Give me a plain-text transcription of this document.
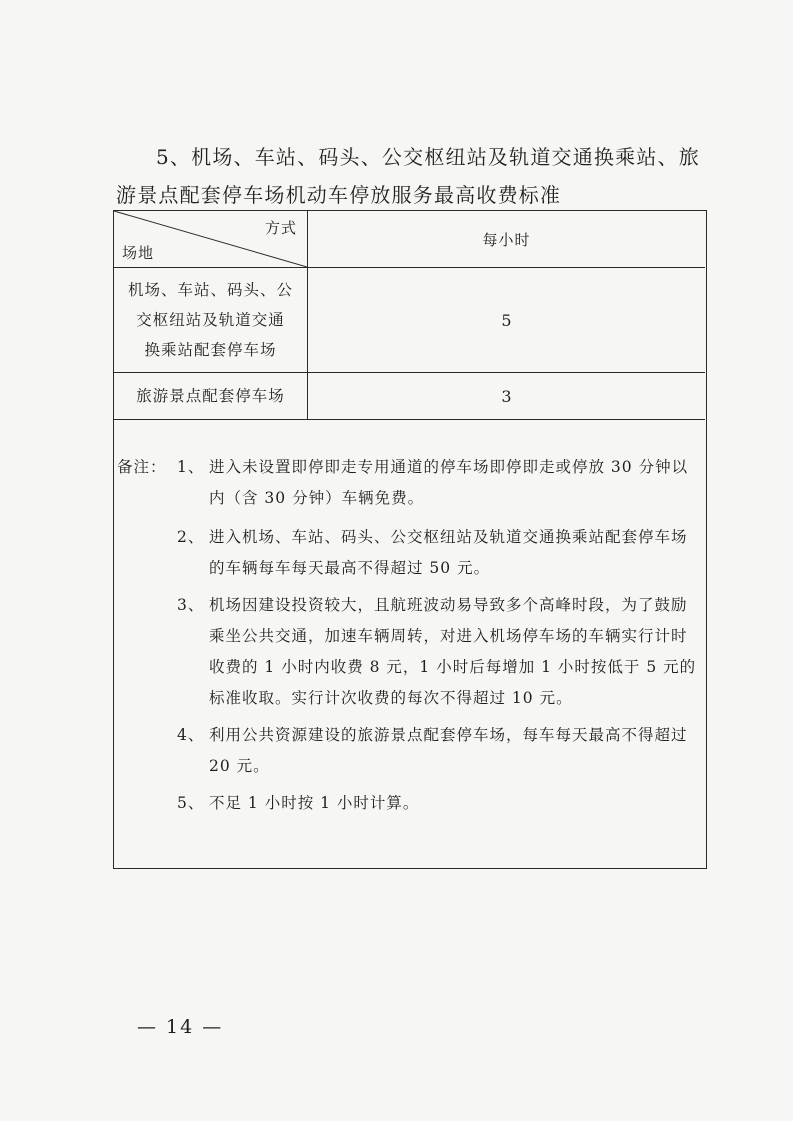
5、机场、车站、码头、公交枢纽站及轨道交通换乘站、旅
游景点配套停车场机动车停放服务最高收费标准
方式
场地	每小时

机场、车站、码头、公
交枢纽站及轨道交通
换乘站配套停车场	5

旅游景点配套停车场	3
备注： 1、 进入未设置即停即走专用通道的停车场即停即走或停放 30 分钟以内（含 30 分钟）车辆免费。
2、 进入机场、车站、码头、公交枢纽站及轨道交通换乘站配套停车场的车辆每车每天最高不得超过 50 元。
3、 机场因建设投资较大，且航班波动易导致多个高峰时段，为了鼓励乘坐公共交通，加速车辆周转，对进入机场停车场的车辆实行计时收费的 1 小时内收费 8 元，1 小时后每增加 1 小时按低于 5 元的标准收取。实行计次收费的每次不得超过 10 元。
4、 利用公共资源建设的旅游景点配套停车场，每车每天最高不得超过 20 元。
5、 不足 1 小时按 1 小时计算。
— 14 —
